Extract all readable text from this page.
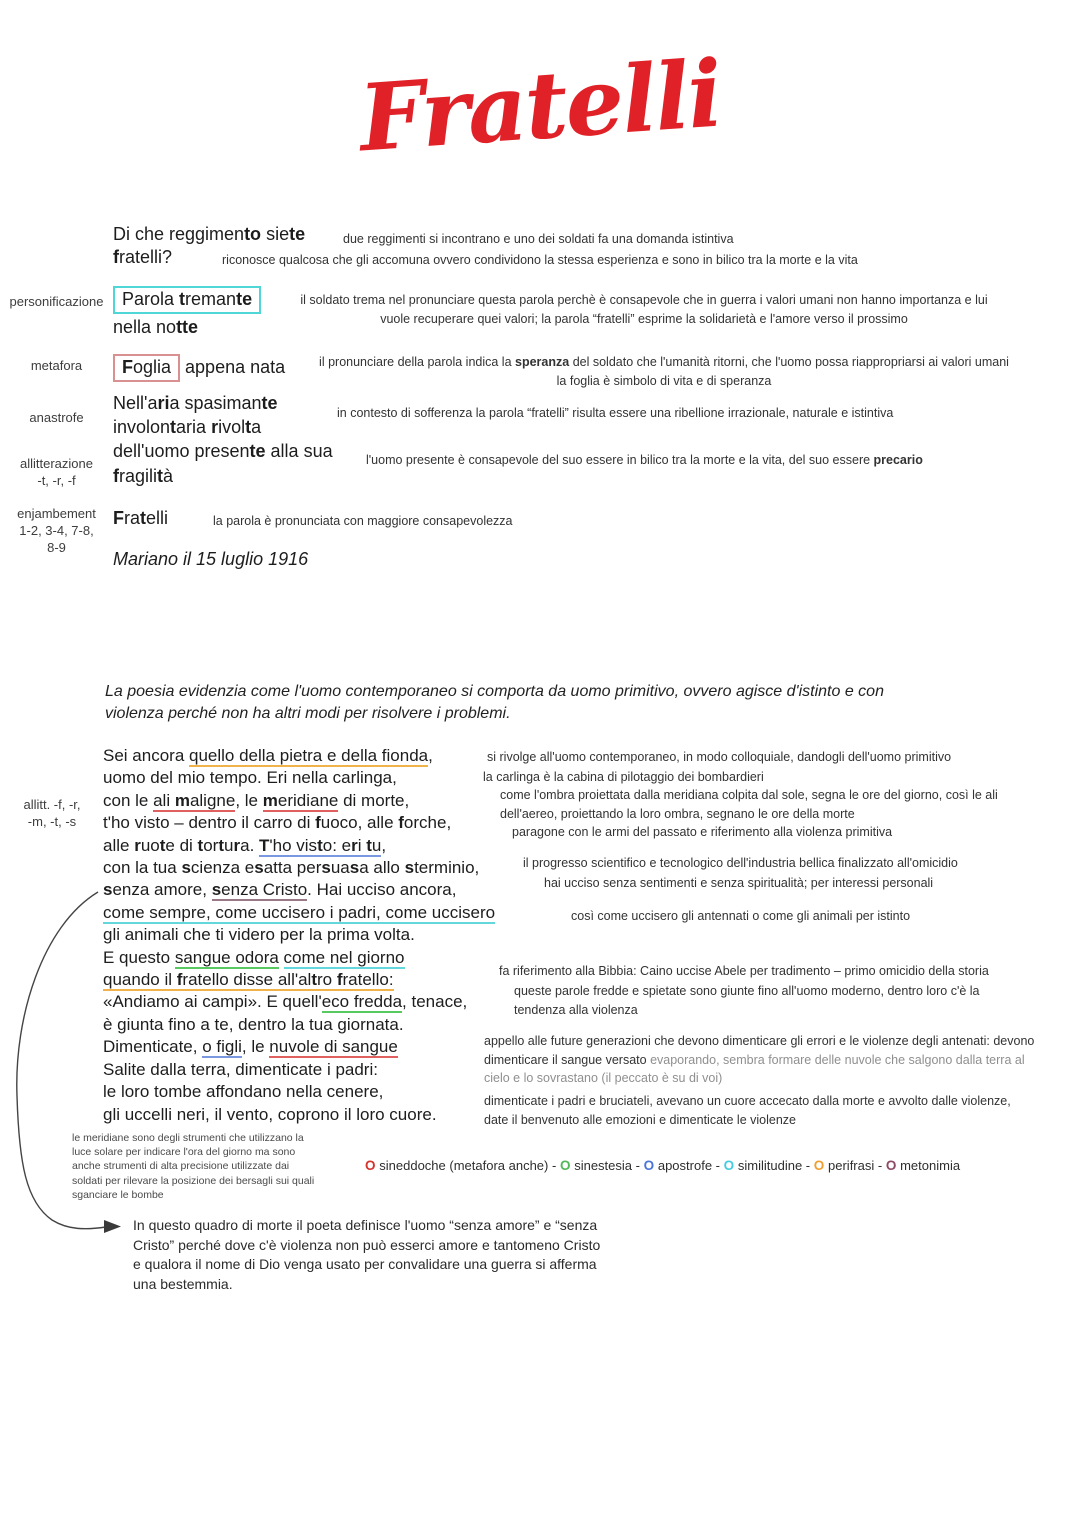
Fratelli
Di che reggimento siete
fratelli?
Parola tremante
nella notte
Foglia appena nata
Nell'aria spasimante
involontaria rivolta
dell'uomo presente alla sua
fragilità
Fratelli
Mariano il 15 luglio 1916
personificazione
metafora
anastrofe
allitterazione
-t, -r, -f
enjambement
1-2, 3-4, 7-8,
8-9
allitt. -f, -r,
-m, -t, -s
due reggimenti si incontrano e uno dei soldati fa una domanda istintiva
riconosce qualcosa che gli accomuna ovvero condividono la stessa esperienza e sono in bilico tra la morte e la vita
il soldato trema nel pronunciare questa parola perchè è consapevole che in guerra i valori umani non hanno importanza e lui
vuole recuperare quei valori; la parola “fratelli” esprime la solidarietà e l'amore verso il prossimo
il pronunciare della parola indica la speranza del soldato che l'umanità ritorni, che l'uomo possa riappropriarsi ai valori umani
la foglia è simbolo di vita e di speranza
in contesto di sofferenza la parola “fratelli” risulta essere una ribellione irrazionale, naturale e istintiva
l'uomo presente è consapevole del suo essere in bilico tra la morte e la vita, del suo essere precario
la parola è pronunciata con maggiore consapevolezza
si rivolge all'uomo contemporaneo, in modo colloquiale, dandogli dell'uomo primitivo
la carlinga è la cabina di pilotaggio dei bombardieri
come l'ombra proiettata dalla meridiana colpita dal sole, segna le ore del giorno, così le ali dell'aereo, proiettando la loro ombra, segnano le ore della morte
paragone con le armi del passato e riferimento alla violenza primitiva
il progresso scientifico e tecnologico dell'industria bellica finalizzato all'omicidio
hai ucciso senza sentimenti e senza spiritualità; per interessi personali
così come uccisero gli antennati o come gli animali per istinto
fa riferimento alla Bibbia: Caino uccise Abele per tradimento – primo omicidio della storia
queste parole fredde e spietate sono giunte fino all'uomo moderno, dentro loro c'è la tendenza alla violenza
appello alle future generazioni che devono dimenticare gli errori e le violenze degli antenati: devono dimenticare il sangue versato evaporando, sembra formare delle nuvole che salgono dalla terra al cielo e lo sovrastano (il peccato è su di voi)
dimenticate i padri e bruciateli, avevano un cuore accecato dalla morte e avvolto dalle violenze, date il benvenuto alle emozioni e dimenticate le violenze
La poesia evidenzia come l'uomo contemporaneo si comporta da uomo primitivo, ovvero agisce d'istinto e con violenza perché non ha altri modi per risolvere i problemi.
Sei ancora quello della pietra e della fionda,
uomo del mio tempo. Eri nella carlinga,
con le ali maligne, le meridiane di morte,
t'ho visto – dentro il carro di fuoco, alle forche,
alle ruote di tortura. T'ho visto: eri tu,
con la tua scienza esatta persuasa allo sterminio,
senza amore, senza Cristo. Hai ucciso ancora,
come sempre, come uccisero i padri, come uccisero
gli animali che ti videro per la prima volta.
E questo sangue odora come nel giorno
quando il fratello disse all'altro fratello:
«Andiamo ai campi». E quell'eco fredda, tenace,
è giunta fino a te, dentro la tua giornata.
Dimenticate, o figli, le nuvole di sangue
Salite dalla terra, dimenticate i padri:
le loro tombe affondano nella cenere,
gli uccelli neri, il vento, coprono il loro cuore.
le meridiane sono degli strumenti che utilizzano la luce solare per indicare l'ora del giorno ma sono anche strumenti di alta precisione utilizzate dai soldati per rilevare la posizione dei bersagli sui quali sganciare le bombe
O sineddoche (metafora anche) - O sinestesia - O apostrofe - O similitudine - O perifrasi - O metonimia
In questo quadro di morte il poeta definisce l'uomo “senza amore” e “senza Cristo” perché dove c'è violenza non può esserci amore e tantomeno Cristo e qualora il nome di Dio venga usato per convalidare una guerra si afferma una bestemmia.
